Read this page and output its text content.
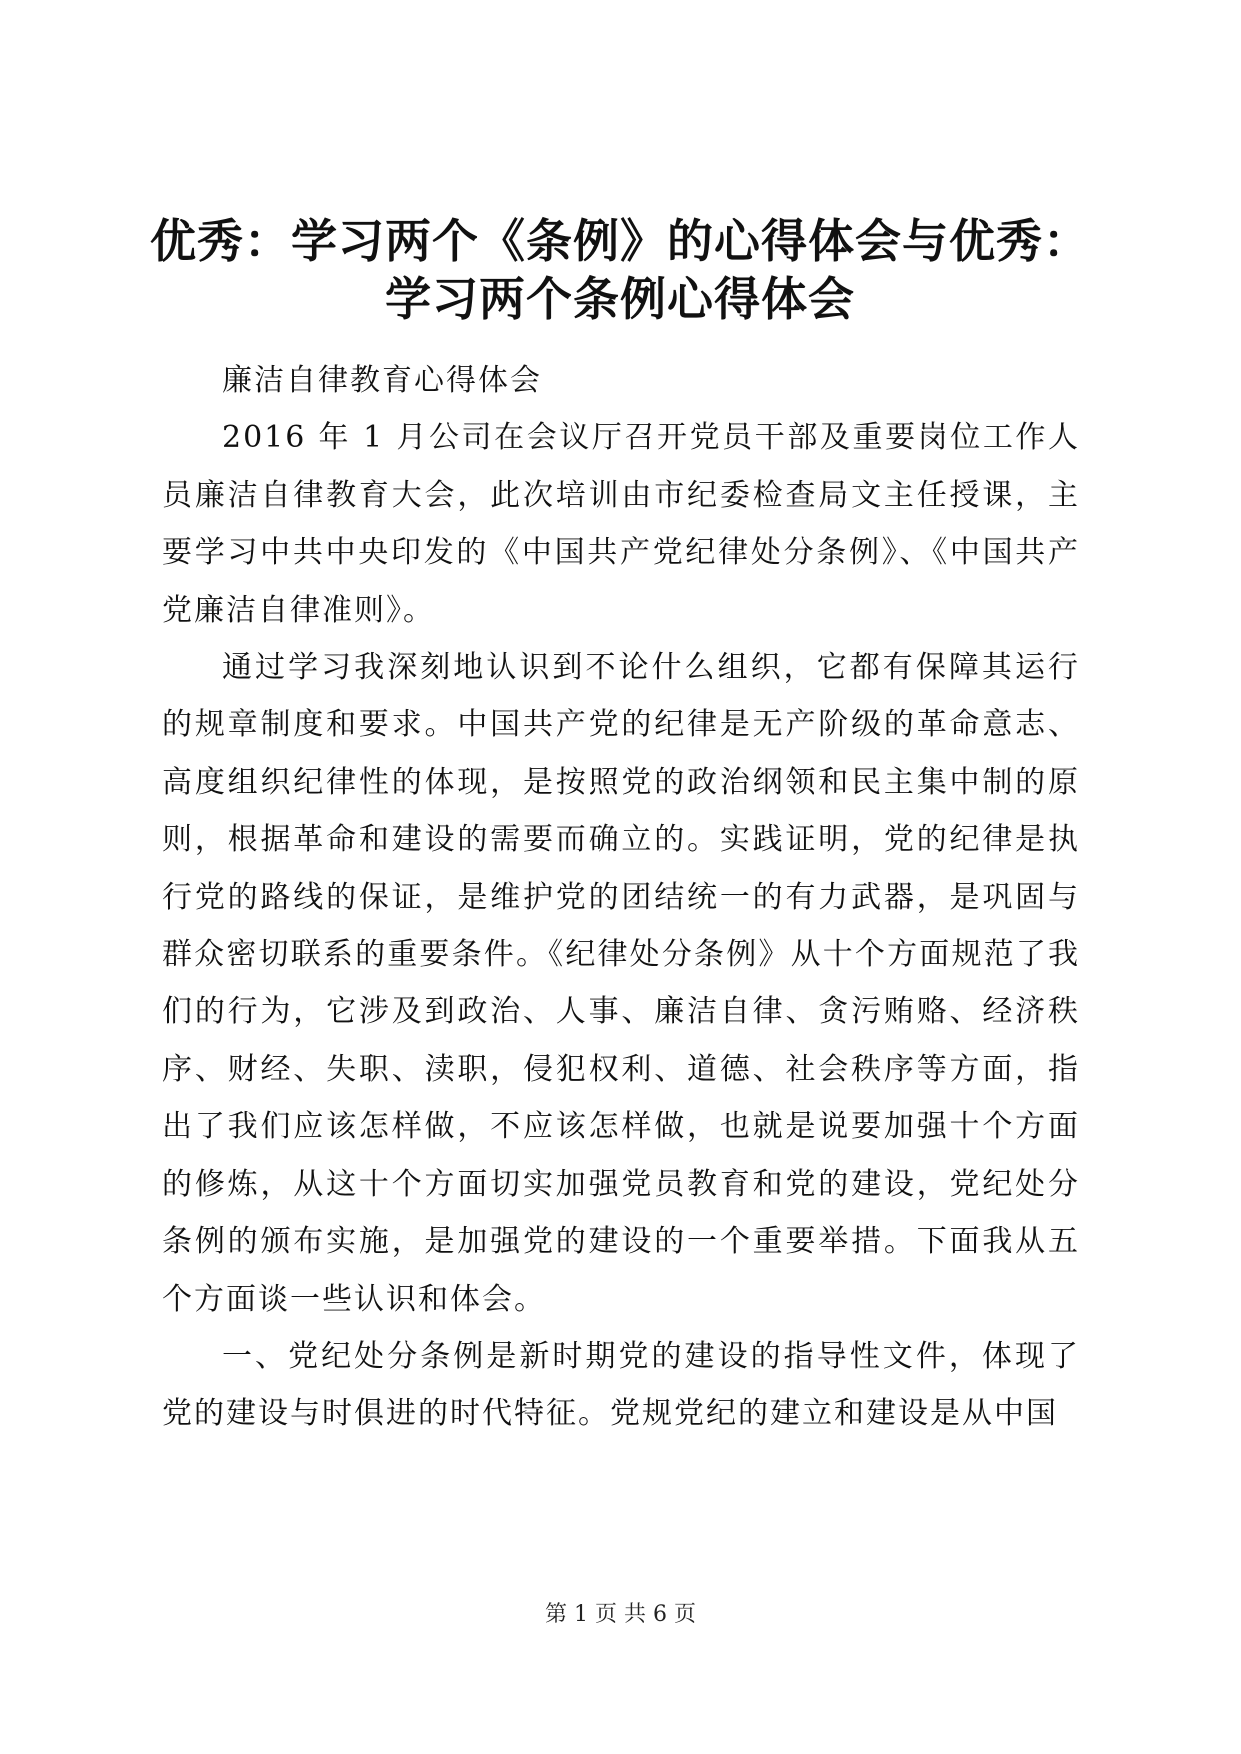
优秀：学习两个《条例》的心得体会与优秀：
学习两个条例心得体会

廉洁自律教育心得体会

2016 年 1 月公司在会议厅召开党员干部及重要岗位工作人员廉洁自律教育大会，此次培训由市纪委检查局文主任授课，主要学习中共中央印发的《中国共产党纪律处分条例》、《中国共产党廉洁自律准则》。

通过学习我深刻地认识到不论什么组织，它都有保障其运行的规章制度和要求。中国共产党的纪律是无产阶级的革命意志、高度组织纪律性的体现，是按照党的政治纲领和民主集中制的原则，根据革命和建设的需要而确立的。实践证明，党的纪律是执行党的路线的保证，是维护党的团结统一的有力武器，是巩固与群众密切联系的重要条件。《纪律处分条例》从十个方面规范了我们的行为，它涉及到政治、人事、廉洁自律、贪污贿赂、经济秩序、财经、失职、渎职，侵犯权利、道德、社会秩序等方面，指出了我们应该怎样做，不应该怎样做，也就是说要加强十个方面的修炼，从这十个方面切实加强党员教育和党的建设，党纪处分条例的颁布实施，是加强党的建设的一个重要举措。下面我从五个方面谈一些认识和体会。

一、党纪处分条例是新时期党的建设的指导性文件，体现了党的建设与时俱进的时代特征。党规党纪的建立和建设是从中国

第 1 页 共 6 页
